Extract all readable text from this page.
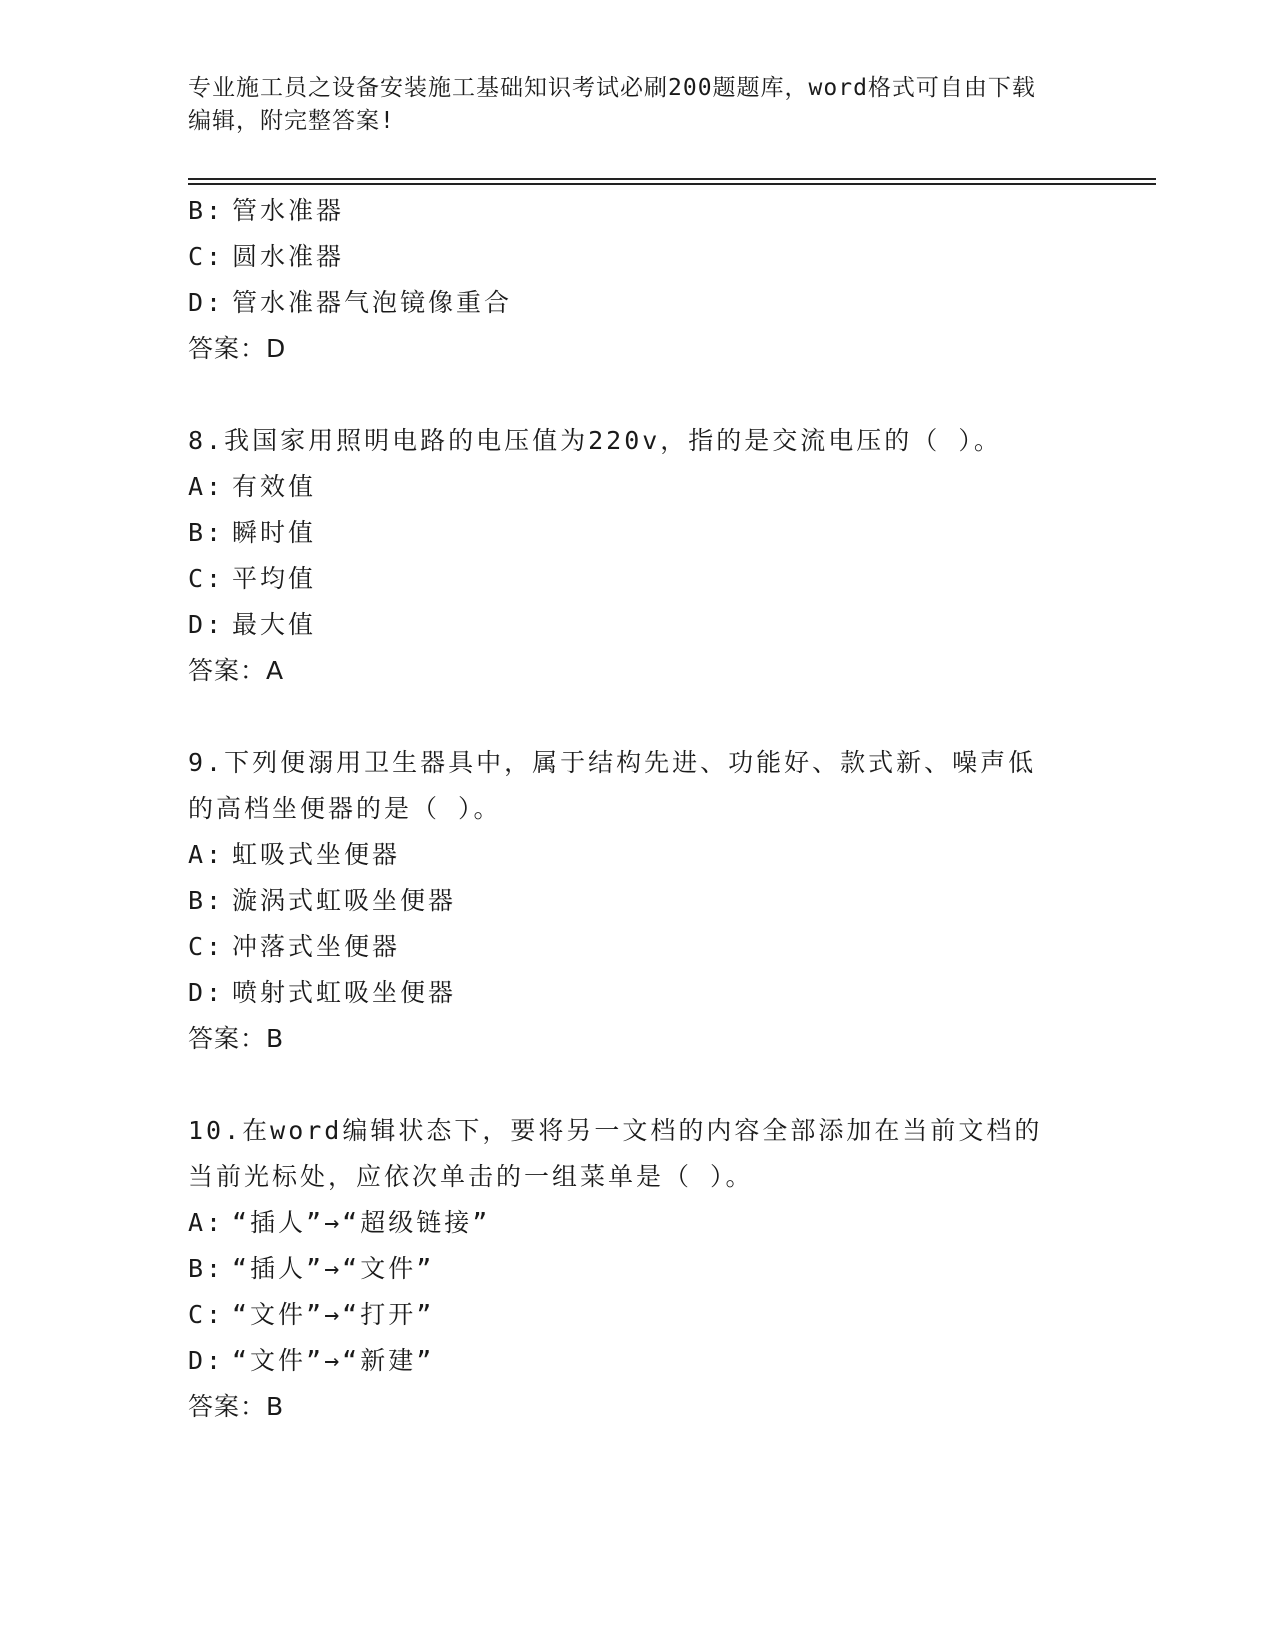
专业施工员之设备安装施工基础知识考试必刷200题题库，word格式可自由下载

编辑，附完整答案!

B: 管水准器
C: 圆水准器
D: 管水准器气泡镜像重合
答案：D
8.我国家用照明电路的电压值为220v，指的是交流电压的（ ）。
A: 有效值
B: 瞬时值
C: 平均值
D: 最大值
答案：A
9.下列便溺用卫生器具中，属于结构先进、功能好、款式新、噪声低
的高档坐便器的是（ ）。
A: 虹吸式坐便器
B: 漩涡式虹吸坐便器
C: 冲落式坐便器
D: 喷射式虹吸坐便器
答案：B
10.在word编辑状态下，要将另一文档的内容全部添加在当前文档的
当前光标处，应依次单击的一组菜单是（ ）。
A: “插人”→“超级链接”
B: “插人”→“文件”
C: “文件”→“打开”
D: “文件”→“新建”
答案：B
